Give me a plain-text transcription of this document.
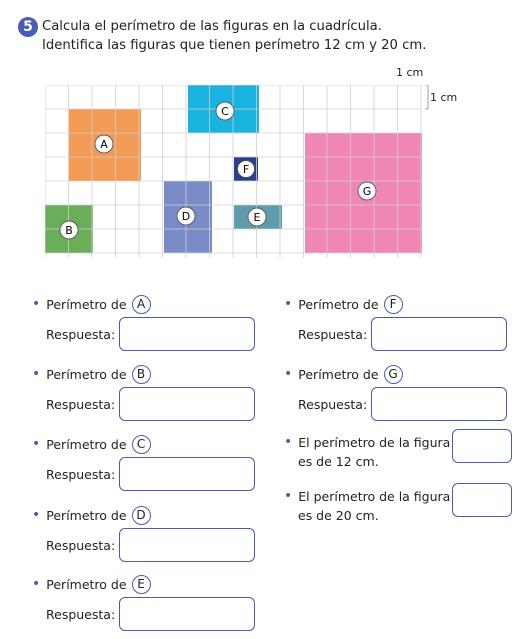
5 Calcula el perímetro de las figuras en la cuadrícula.
Identifica las figuras que tienen perímetro 12 cm y 20 cm.
1 cm
1 cm
A
B
C
D	E
F
G
• Perímetro de A
Respuesta:
• Perímetro de B
Respuesta:
• Perímetro de C
Respuesta:
• Perímetro de D
Respuesta:
• Perímetro de E
Respuesta:
• Perímetro de F
Respuesta:
• Perímetro de G
Respuesta:
• El perímetro de la figura
es de 12 cm.
• El perímetro de la figura
es de 20 cm.
